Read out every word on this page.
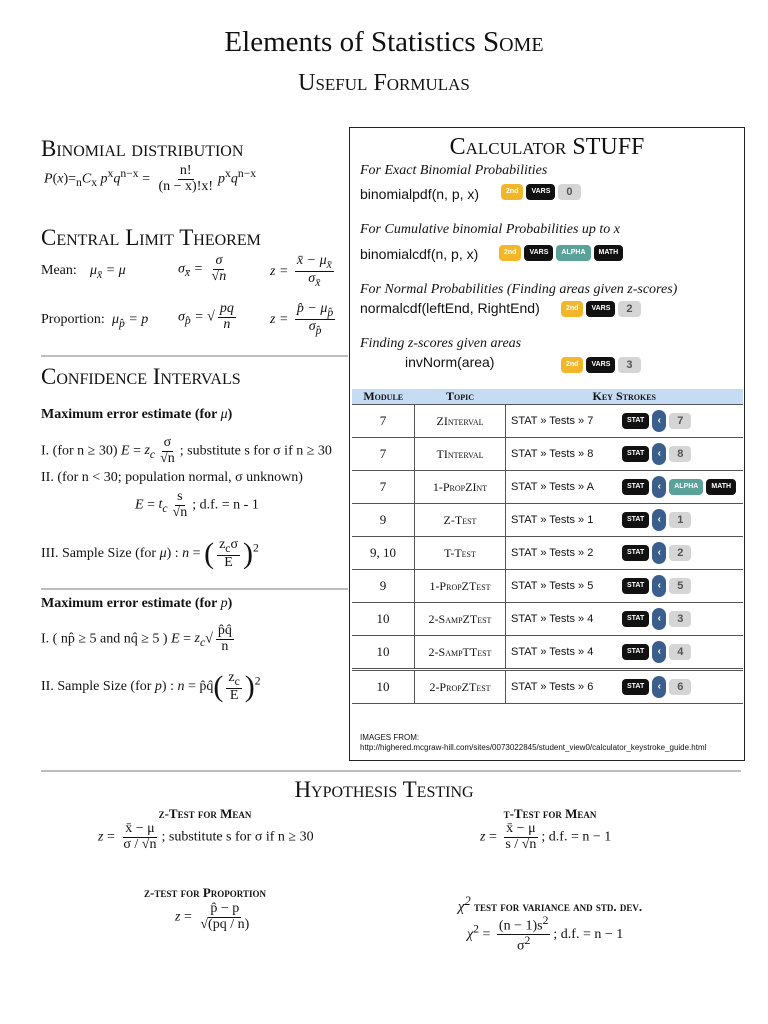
Elements of Statistics Some
Useful Formulas
Binomial distribution
$P(x)=_nC_x$ $p^xq^{n-x} = \frac{n!}{(n - x)!x!} p^xq^{n-x}$
Central Limit Theorem
Mean: $\mu_{x̄} = \mu$	$\sigma_{x̄} = \frac{\sigma}{√n}$	$z = \frac{x̄ - \mu_{x̄}}{\sigma_{x̄}}$
Proportion: $\mu_{p̂} = p$ $\sigma_{p̂}$ = √ $\frac{pq}{n}$ $z = \frac{p̂ - \mu_{p̂}}{\sigma_{p̂}}$
Confidence Intervals
Maximum error estimate (for μ)
I. (for n ≥ 30) $E = z_c \frac{\sigma}{√n}$ ; substitute s for σ if n ≥ 30
II. (for n < 30; population normal, σ unknown)
$E = t_c \frac{s}{√n}$ ; d.f. = n - 1
III. Sample Size (for μ) : n = ( $\frac{z_c\sigma}{E} )^2$
Maximum error estimate (for p)
I. ( np̂ ≥ 5 and nq̂ ≥ 5 ) $E = z_c√ \frac{p̂q̂}{n}$
II. Sample Size (for p) : n = p̂q̂( $\frac{z_c}{E} )^2$
Calculator STUFF
For Exact Binomial Probabilities
binomialpdf(n, p, x)	2nd VARS 0
For Cumulative binomial Probabilities up to x
binomialcdf(n, p, x)	2nd VARS ALPHA MATH
For Normal Probabilities (Finding areas given z-scores)
normalcdf(leftEnd, RightEnd)	2nd VARS 2
Finding z-scores given areas
invNorm(area)	2nd VARS 3
Module	Topic	Key Strokes
7	ZInterval	STAT » Tests » 7 STAT ‹ 7
7	TInterval	STAT » Tests » 8 STAT ‹ 8
7	1-PropZInt	STAT » Tests » A STAT ‹ ALPHA MATH
9	Z-Test	STAT » Tests » 1 STAT ‹ 1
9, 10	T-Test	STAT » Tests » 2 STAT ‹ 2
9	1-PropZTest	STAT » Tests » 5 STAT ‹ 5
10	2-SampZTest	STAT » Tests » 4 STAT ‹ 3
10	2-SampTTest	STAT » Tests » 4 STAT ‹ 4
10	2-PropZTest	STAT » Tests » 6 STAT ‹ 6
IMAGES FROM:
http://highered.mcgraw-hill.com/sites/0073022845/student_view0/calculator_keystroke_guide.html
Hypothesis Testing
z-Test for Mean
$z = \frac{x̄ - \mu}{\sigma / √n}$ ; substitute s for σ if n ≥ 30
t-Test for Mean
$z = \frac{x̄ - \mu}{s / √n}$ ; d.f. = n − 1
z-test for Proportion
$z = \frac{p̂ - p}{√(pq / n)}$	$\chi^2$ test for variance and std. dev.
$\chi^2 = \frac{(n - 1)s^2}{\sigma^2}$ ; d.f. = n − 1
